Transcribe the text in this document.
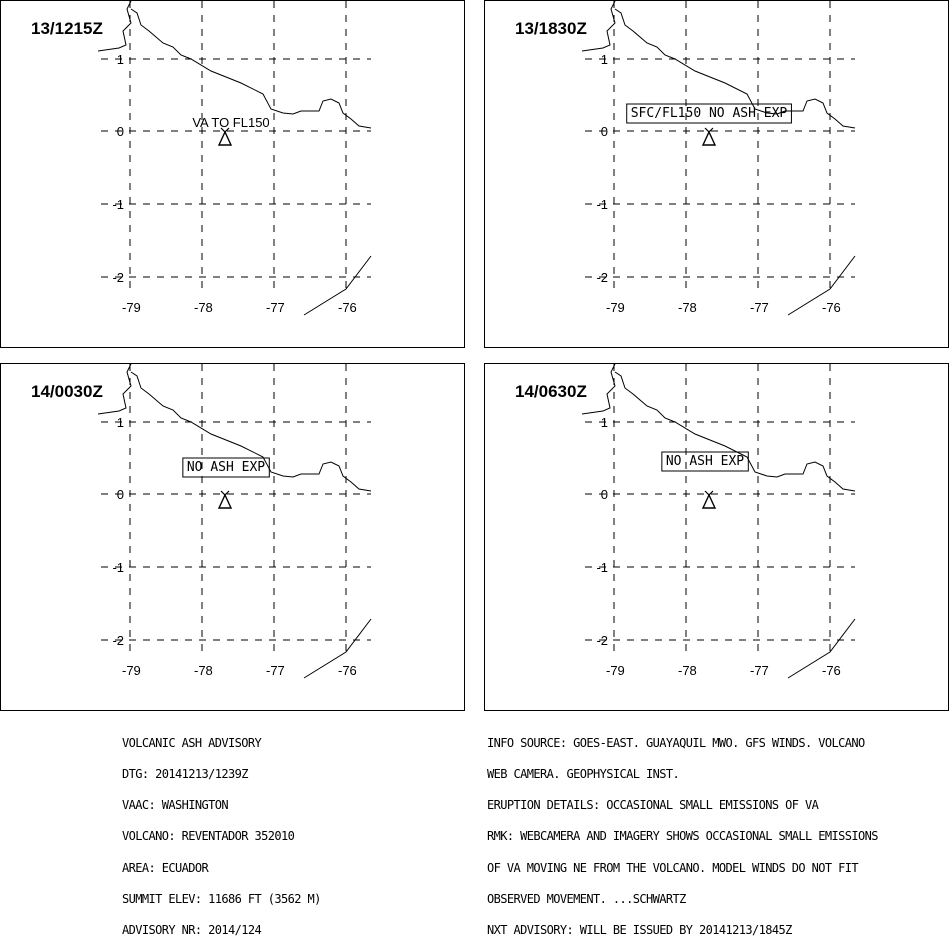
-79	-78	-77	-76
1
0
-1
-2
VA TO FL150
13/1215Z
-79	-78	-77	-76
1
0
-1
-2
SFC/FL150 NO ASH EXP
13/1830Z
-79	-78	-77	-76
1
0
-1
-2
NO ASH EXP
14/0030Z
-79	-78	-77	-76
1
0
-1
-2
NO ASH EXP
14/0630Z

VOLCANIC ASH ADVISORY

DTG: 20141213/1239Z

VAAC: WASHINGTON

VOLCANO: REVENTADOR 352010

AREA: ECUADOR

SUMMIT ELEV: 11686 FT (3562 M)

ADVISORY NR: 2014/124

INFO SOURCE: GOES-EAST. GUAYAQUIL MWO. GFS WINDS. VOLCANO

WEB CAMERA. GEOPHYSICAL INST.

ERUPTION DETAILS: OCCASIONAL SMALL EMISSIONS OF VA

RMK: WEBCAMERA AND IMAGERY SHOWS OCCASIONAL SMALL EMISSIONS

OF VA MOVING NE FROM THE VOLCANO. MODEL WINDS DO NOT FIT

OBSERVED MOVEMENT. ...SCHWARTZ

NXT ADVISORY: WILL BE ISSUED BY 20141213/1845Z
